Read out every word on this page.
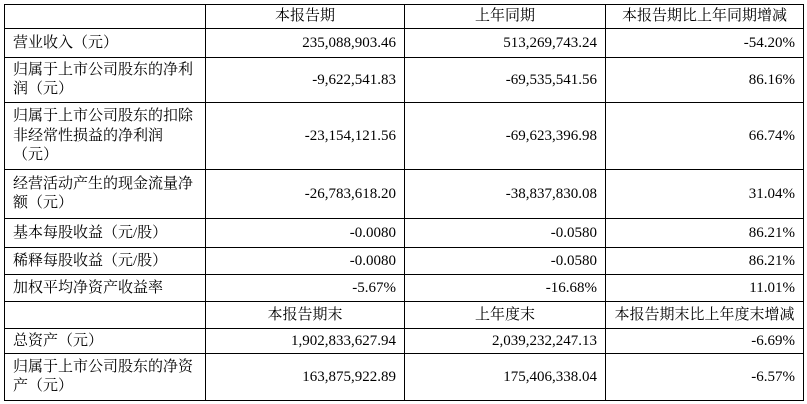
	本报告期	上年同期	本报告期比上年同期增减
营业收入（元）	235,088,903.46	513,269,743.24	-54.20%
归属于上市公司股东的净利润（元）	-9,622,541.83	-69,535,541.56	86.16%
归属于上市公司股东的扣除非经常性损益的净利润（元）	-23,154,121.56	-69,623,396.98	66.74%
经营活动产生的现金流量净额（元）	-26,783,618.20	-38,837,830.08	31.04%
基本每股收益（元/股）	-0.0080	-0.0580	86.21%
稀释每股收益（元/股）	-0.0080	-0.0580	86.21%
加权平均净资产收益率	-5.67%	-16.68%	11.01%
	本报告期末	上年度末	本报告期末比上年度末增减
总资产（元）	1,902,833,627.94	2,039,232,247.13	-6.69%
归属于上市公司股东的净资产（元）	163,875,922.89	175,406,338.04	-6.57%
